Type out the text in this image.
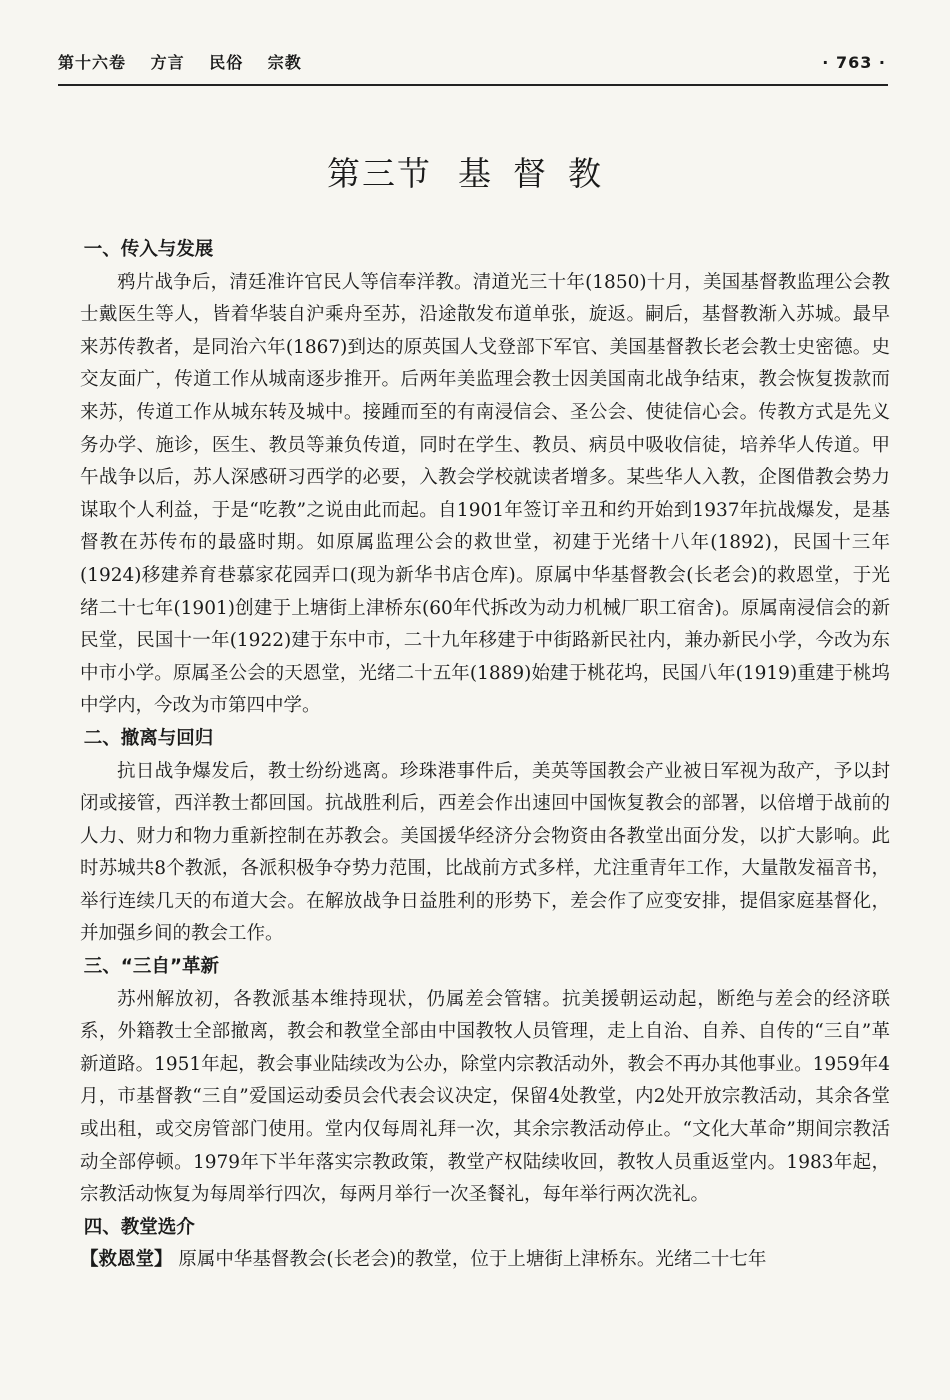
第十六卷 方言 民俗 宗教	· 763 ·
第三节 基督教
一、传入与发展

鸦片战争后，清廷准许官民人等信奉洋教。清道光三十年(1850)十月，美国基督教监理公会教士戴医生等人，皆着华装自沪乘舟至苏，沿途散发布道单张，旋返。嗣后，基督教渐入苏城。最早来苏传教者，是同治六年(1867)到达的原英国人戈登部下军官、美国基督教长老会教士史密德。史交友面广，传道工作从城南逐步推开。后两年美监理会教士因美国南北战争结束，教会恢复拨款而来苏，传道工作从城东转及城中。接踵而至的有南浸信会、圣公会、使徒信心会。传教方式是先义务办学、施诊，医生、教员等兼负传道，同时在学生、教员、病员中吸收信徒，培养华人传道。甲午战争以后，苏人深感研习西学的必要，入教会学校就读者增多。某些华人入教，企图借教会势力谋取个人利益，于是“吃教”之说由此而起。自1901年签订辛丑和约开始到1937年抗战爆发，是基督教在苏传布的最盛时期。如原属监理公会的救世堂，初建于光绪十八年(1892)，民国十三年(1924)移建养育巷慕家花园弄口(现为新华书店仓库)。原属中华基督教会(长老会)的救恩堂，于光绪二十七年(1901)创建于上塘街上津桥东(60年代拆改为动力机械厂职工宿舍)。原属南浸信会的新民堂，民国十一年(1922)建于东中市，二十九年移建于中街路新民社内，兼办新民小学，今改为东中市小学。原属圣公会的天恩堂，光绪二十五年(1889)始建于桃花坞，民国八年(1919)重建于桃坞中学内，今改为市第四中学。

二、撤离与回归

抗日战争爆发后，教士纷纷逃离。珍珠港事件后，美英等国教会产业被日军视为敌产，予以封闭或接管，西洋教士都回国。抗战胜利后，西差会作出速回中国恢复教会的部署，以倍增于战前的人力、财力和物力重新控制在苏教会。美国援华经济分会物资由各教堂出面分发，以扩大影响。此时苏城共8个教派，各派积极争夺势力范围，比战前方式多样，尤注重青年工作，大量散发福音书，举行连续几天的布道大会。在解放战争日益胜利的形势下，差会作了应变安排，提倡家庭基督化，并加强乡间的教会工作。

三、“三自”革新

苏州解放初，各教派基本维持现状，仍属差会管辖。抗美援朝运动起，断绝与差会的经济联系，外籍教士全部撤离，教会和教堂全部由中国教牧人员管理，走上自治、自养、自传的“三自”革新道路。1951年起，教会事业陆续改为公办，除堂内宗教活动外，教会不再办其他事业。1959年4月，市基督教“三自”爱国运动委员会代表会议决定，保留4处教堂，内2处开放宗教活动，其余各堂或出租，或交房管部门使用。堂内仅每周礼拜一次，其余宗教活动停止。“文化大革命”期间宗教活动全部停顿。1979年下半年落实宗教政策，教堂产权陆续收回，教牧人员重返堂内。1983年起，宗教活动恢复为每周举行四次，每两月举行一次圣餐礼，每年举行两次洗礼。

四、教堂选介

【救恩堂】 原属中华基督教会(长老会)的教堂，位于上塘街上津桥东。光绪二十七年
